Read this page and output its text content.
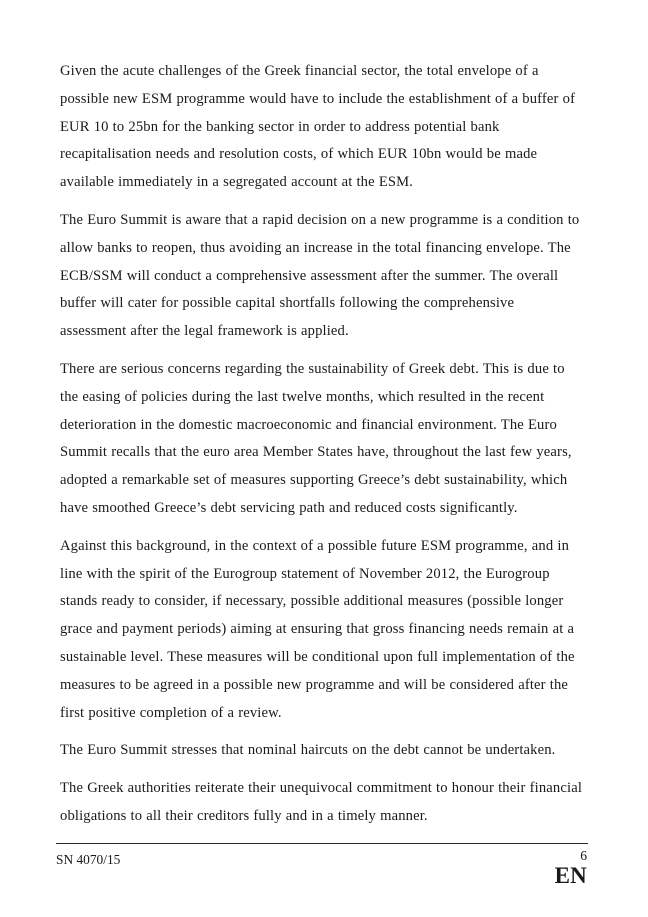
Given the acute challenges of the Greek financial sector, the total envelope of a possible new ESM programme would have to include the establishment of a buffer of EUR 10 to 25bn for the banking sector in order to address potential bank recapitalisation needs and resolution costs, of which EUR 10bn would be made available immediately in a segregated account at the ESM.

The Euro Summit is aware that a rapid decision on a new programme is a condition to allow banks to reopen, thus avoiding an increase in the total financing envelope. The ECB/SSM will conduct a comprehensive assessment after the summer. The overall buffer will cater for possible capital shortfalls following the comprehensive assessment after the legal framework is applied.

There are serious concerns regarding the sustainability of Greek debt. This is due to the easing of policies during the last twelve months, which resulted in the recent deterioration in the domestic macroeconomic and financial environment. The Euro Summit recalls that the euro area Member States have, throughout the last few years, adopted a remarkable set of measures supporting Greece’s debt sustainability, which have smoothed Greece’s debt servicing path and reduced costs significantly.

Against this background, in the context of a possible future ESM programme, and in line with the spirit of the Eurogroup statement of November 2012, the Eurogroup stands ready to consider, if necessary, possible additional measures (possible longer grace and payment periods) aiming at ensuring that gross financing needs remain at a sustainable level. These measures will be conditional upon full implementation of the measures to be agreed in a possible new programme and will be considered after the first positive completion of a review.

The Euro Summit stresses that nominal haircuts on the debt cannot be undertaken.

The Greek authorities reiterate their unequivocal commitment to honour their financial obligations to all their creditors fully and in a timely manner.

SN 4070/15	6
EN
